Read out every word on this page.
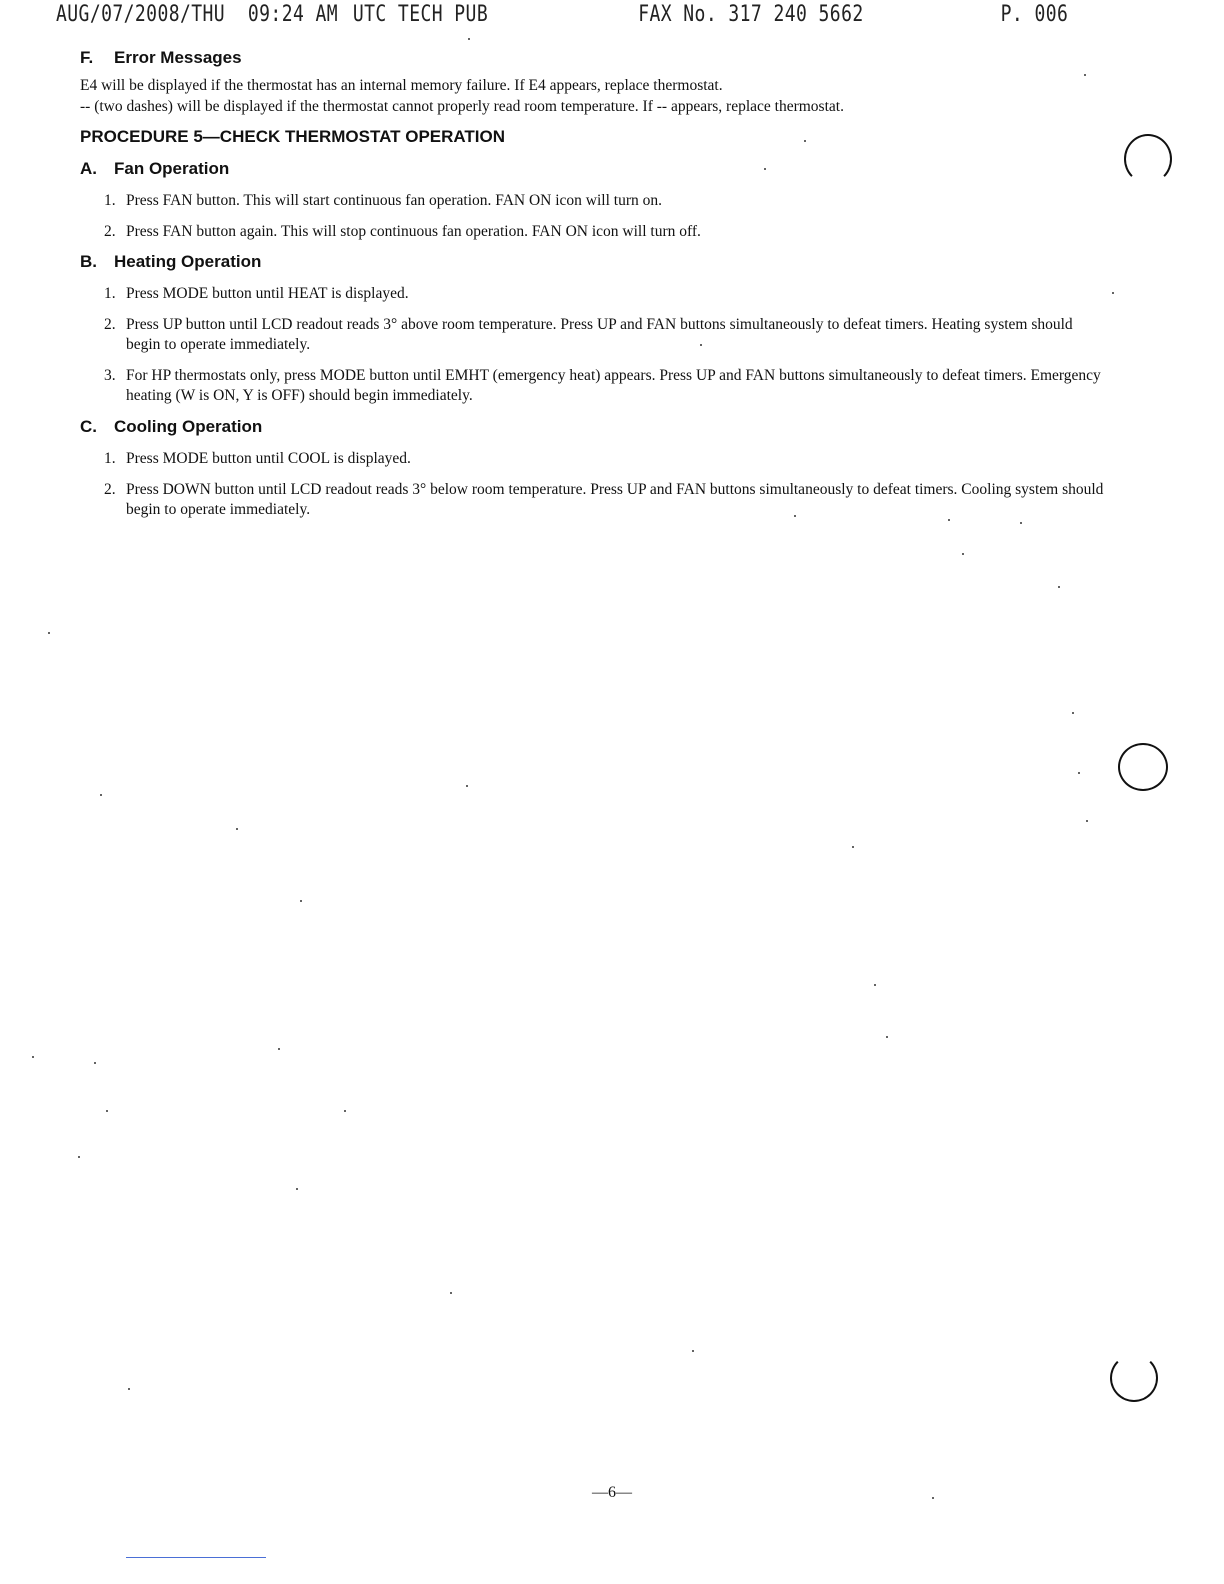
AUG/07/2008/THU 09:24 AM UTC TECH PUB	FAX No. 317 240 5662	P. 006
F. Error Messages
E4 will be displayed if the thermostat has an internal memory failure. If E4 appears, replace thermostat.
-- (two dashes) will be displayed if the thermostat cannot properly read room temperature. If -- appears, replace thermostat.
PROCEDURE 5—CHECK THERMOSTAT OPERATION
A. Fan Operation
1. Press FAN button. This will start continuous fan operation. FAN ON icon will turn on.
2. Press FAN button again. This will stop continuous fan operation. FAN ON icon will turn off.
B. Heating Operation
1. Press MODE button until HEAT is displayed.
2. Press UP button until LCD readout reads 3° above room temperature. Press UP and FAN buttons simultaneously to defeat timers. Heating system should begin to operate immediately.
3. For HP thermostats only, press MODE button until EMHT (emergency heat) appears. Press UP and FAN buttons simultaneously to defeat timers. Emergency heating (W is ON, Y is OFF) should begin immediately.
C. Cooling Operation
1. Press MODE button until COOL is displayed.
2. Press DOWN button until LCD readout reads 3° below room temperature. Press UP and FAN buttons simultaneously to defeat timers. Cooling system should begin to operate immediately.
—6—
